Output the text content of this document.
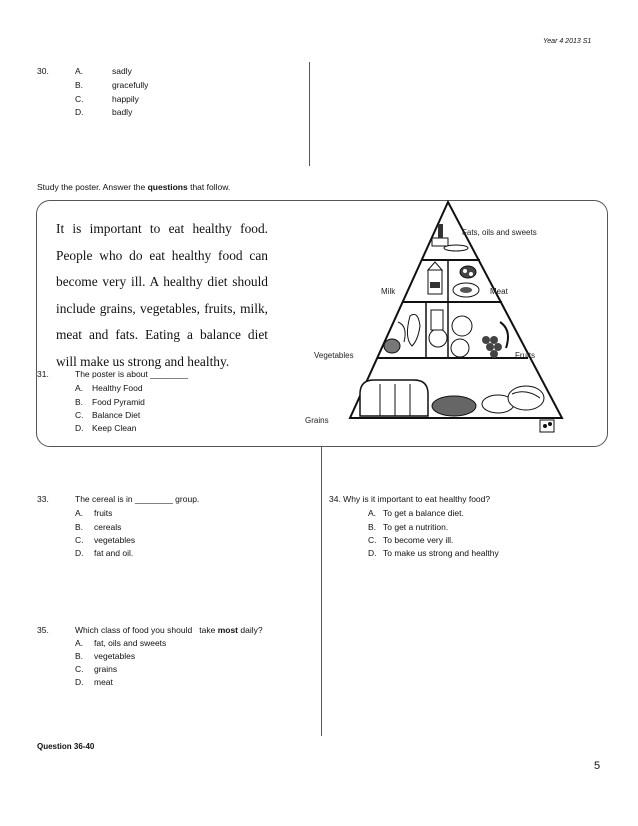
Year 4 2013 S1
30.	A.	sadly
B.	gracefully
C.	happily
D.	badly
Study the poster. Answer the questions that follow.
31.	The poster is about ________
A. Healthy Food
B. Food Pyramid
C. Balance Diet
D. Keep Clean
It is important to eat healthy food. People who do eat healthy food can become very ill. A healthy diet should include grains, vegetables, fruits, milk, meat and fats. Eating a balance diet will make us strong and healthy.
Fats, oils and sweets
Milk	Meat
Vegetables	Fruits
Grains
33.	The cereal is in ________ group.
A. fruits
B. cereals
C. vegetables
D. fat and oil.
34. Why is it important to eat healthy food?
A. To get a balance diet.
B. To get a nutrition.
C. To become very ill.
D. To make us strong and healthy
35.	Which class of food you should   take most daily?
A. fat, oils and sweets
B. vegetables
C. grains
D. meat
Question 36-40
5
